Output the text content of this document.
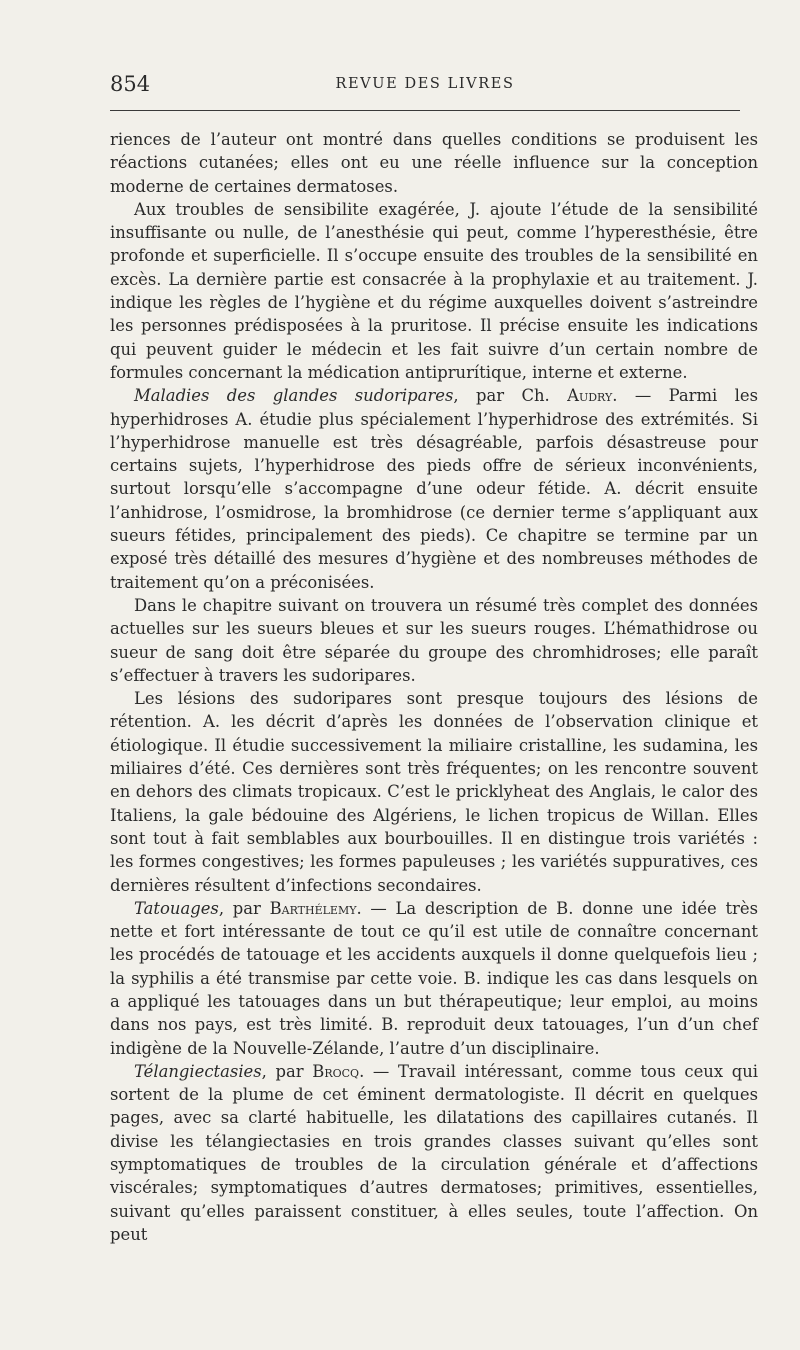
854	REVUE DES LIVRES

riences de l’auteur ont montré dans quelles conditions se produisent les réactions cutanées; elles ont eu une réelle influence sur la conception moderne de certaines dermatoses.

Aux troubles de sensibilite exagérée, J. ajoute l’étude de la sensibilité insuffisante ou nulle, de l’anesthésie qui peut, comme l’hyperesthésie, être profonde et superficielle. Il s’occupe ensuite des troubles de la sensibilité en excès. La dernière partie est consacrée à la prophylaxie et au traitement. J. indique les règles de l’hygiène et du régime auxquelles doivent s’astreindre les personnes prédisposées à la pruritose. Il précise ensuite les indications qui peuvent guider le médecin et les fait suivre d’un certain nombre de formules concernant la médication antiprurítique, interne et externe.

Maladies des glandes sudoripares, par Ch. Audry. — Parmi les hyperhidroses A. étudie plus spécialement l’hyperhidrose des extrémités. Si l’hyperhidrose manuelle est très désagréable, parfois désastreuse pour certains sujets, l’hyperhidrose des pieds offre de sérieux inconvénients, surtout lorsqu’elle s’accompagne d’une odeur fétide. A. décrit ensuite l’anhidrose, l’osmidrose, la bromhidrose (ce dernier terme s’appliquant aux sueurs fétides, principalement des pieds). Ce chapitre se termine par un exposé très détaillé des mesures d’hygiène et des nombreuses méthodes de traitement qu’on a préconisées.

Dans le chapitre suivant on trouvera un résumé très complet des données actuelles sur les sueurs bleues et sur les sueurs rouges. L’hémathidrose ou sueur de sang doit être séparée du groupe des chromhidroses; elle paraît s’effectuer à travers les sudoripares.

Les lésions des sudoripares sont presque toujours des lésions de rétention. A. les décrit d’après les données de l’observation clinique et étiologique. Il étudie successivement la miliaire cristalline, les sudamina, les miliaires d’été. Ces dernières sont très fréquentes; on les rencontre souvent en dehors des climats tropicaux. C’est le pricklyheat des Anglais, le calor des Italiens, la gale bédouine des Algériens, le lichen tropicus de Willan. Elles sont tout à fait semblables aux bourbouilles. Il en distingue trois variétés : les formes congestives; les formes papuleuses ; les variétés suppuratives, ces dernières résultent d’infections secondaires.

Tatouages, par Barthélemy. — La description de B. donne une idée très nette et fort intéressante de tout ce qu’il est utile de connaître concernant les procédés de tatouage et les accidents auxquels il donne quelquefois lieu ; la syphilis a été transmise par cette voie. B. indique les cas dans lesquels on a appliqué les tatouages dans un but thérapeutique; leur emploi, au moins dans nos pays, est très limité. B. reproduit deux tatouages, l’un d’un chef indigène de la Nouvelle-Zélande, l’autre d’un disciplinaire.

Télangiectasies, par Brocq. — Travail intéressant, comme tous ceux qui sortent de la plume de cet éminent dermatologiste. Il décrit en quelques pages, avec sa clarté habituelle, les dilatations des capillaires cutanés. Il divise les télangiectasies en trois grandes classes suivant qu’elles sont symptomatiques de troubles de la circulation générale et d’affections viscérales; symptomatiques d’autres dermatoses; primitives, essentielles, suivant qu’elles paraissent constituer, à elles seules, toute l’affection. On peut
